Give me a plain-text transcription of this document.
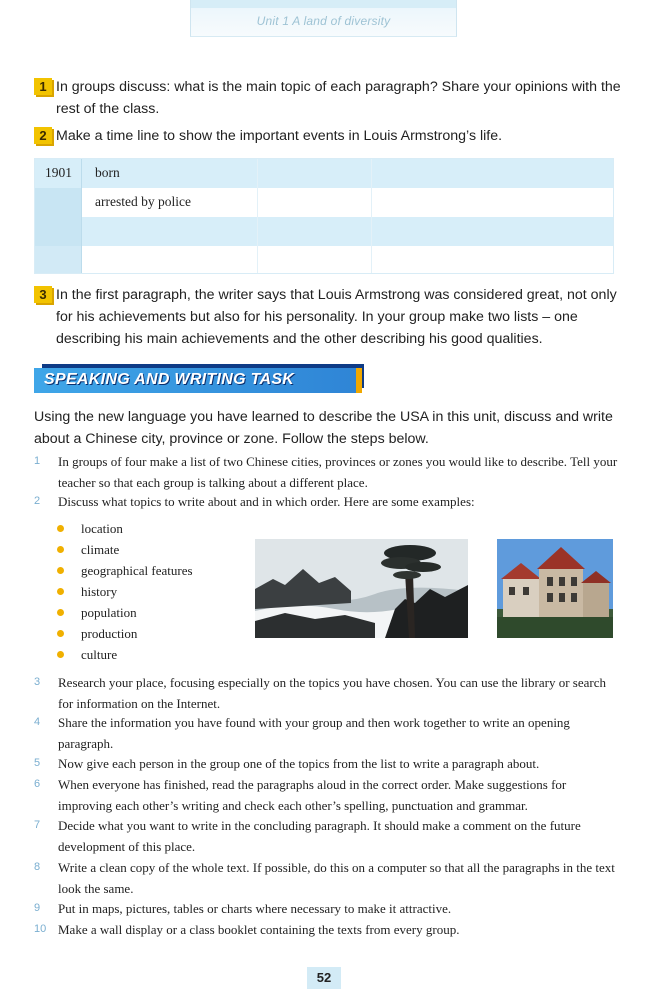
Unit 1 A land of diversity
1 In groups discuss: what is the main topic of each paragraph? Share your opinions with the rest of the class.
2 Make a time line to show the important events in Louis Armstrong’s life.
1901 born
arrested by police
3 In the first paragraph, the writer says that Louis Armstrong was considered great, not only for his achievements but also for his personality. In your group make two lists – one describing his main achievements and the other describing his good qualities.
SPEAKING AND WRITING TASK
Using the new language you have learned to describe the USA in this unit, discuss and write about a Chinese city, province or zone. Follow the steps below.
1	In groups of four make a list of two Chinese cities, provinces or zones you would like to describe. Tell your teacher so that each group is talking about a different place.
2	Discuss what topics to write about and in which order. Here are some examples:
location
climate
geographical features
history
population
production
culture
3	Research your place, focusing especially on the topics you have chosen. You can use the library or search for information on the Internet.
4	Share the information you have found with your group and then work together to write an opening paragraph.
5	Now give each person in the group one of the topics from the list to write a paragraph about.
6	When everyone has finished, read the paragraphs aloud in the correct order. Make suggestions for improving each other’s writing and check each other’s spelling, punctuation and grammar.
7	Decide what you want to write in the concluding paragraph. It should make a comment on the future development of this place.
8	Write a clean copy of the whole text. If possible, do this on a computer so that all the paragraphs in the text look the same.
9	Put in maps, pictures, tables or charts where necessary to make it attractive.
10 Make a wall display or a class booklet containing the texts from every group.
52
